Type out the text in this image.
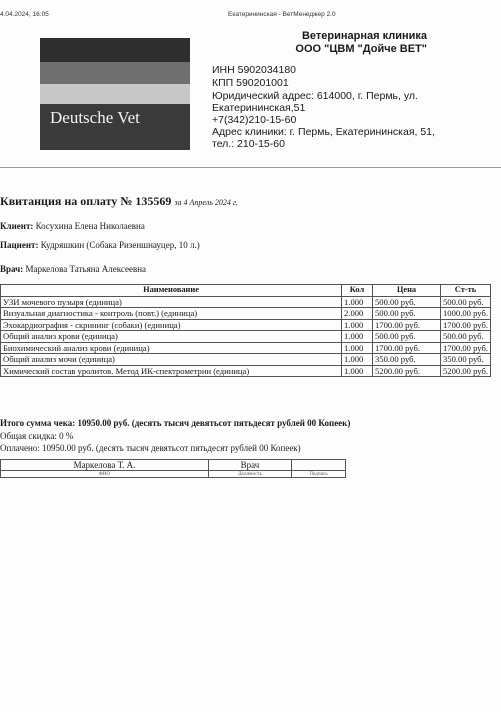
4.04.2024, 16:05	Екатерининская - ВетМенеджер 2.0
Deutsche Vet
Ветеринарная клиника
ООО "ЦВМ "Дойче ВЕТ"
ИНН 5902034180
КПП 590201001
Юридический адрес: 614000, г. Пермь, ул.
Екатерининская,51
+7(342)210-15-60
Адрес клиники: г. Пермь, Екатерининская, 51,
тел.: 210-15-60
Квитанция на оплату № 135569 за 4 Апрель 2024 г.
Клиент: Косухина Елена Николаевна
Пациент: Кудряшкин (Собака Ризеншнауцер, 10 л.)
Врач: Маркелова Татьяна Алексеевна
Наименование	Кол	Цена	Ст-ть
УЗИ мочевого пузыря (единица)	1.000	500.00 руб.	500.00 руб.
Визуальная диагностика - контроль (повт.) (единица)	2.000	500.00 руб.	1000.00 руб.
Эхокардиография - скрининг (собаки) (единица)	1.000	1700.00 руб.	1700.00 руб.
Общий анализ крови (единица)	1.000	500.00 руб.	500.00 руб.
Биохимический анализ крови (единица)	1.000	1700.00 руб.	1700.00 руб.
Общий анализ мочи (единица)	1.000	350.00 руб.	350.00 руб.
Химический состав уролитов. Метод ИК-спектрометрии (единица)	1.000	5200.00 руб.	5200.00 руб.
Итого сумма чека: 10950.00 руб. (десять тысяч девятьсот пятьдесят рублей 00 Копеек)
Общая скидка: 0 %
Оплачено: 10950.00 руб. (десять тысяч девятьсот пятьдесят рублей 00 Копеек)
Маркелова Т. А.	Врач	
ФИО	Должность	Подпись
